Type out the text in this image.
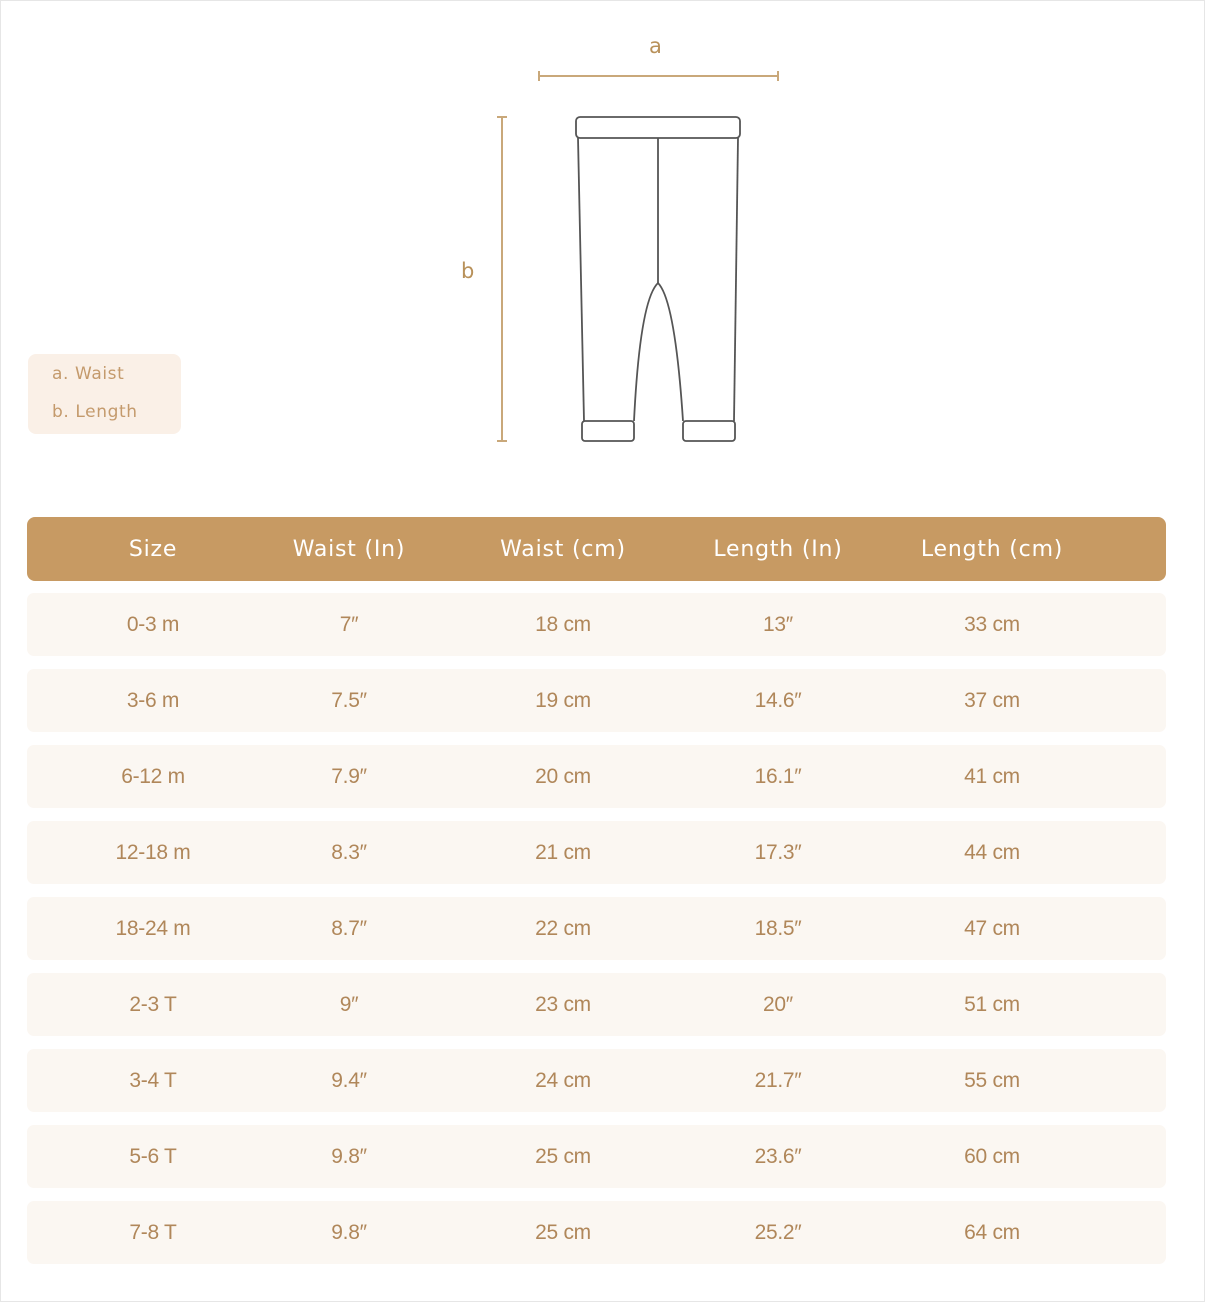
a
b
a. Waist
b. Length
Size	Waist (In)	Waist (cm)	Length (In)	Length (cm)
0-3 m	7″	18 cm	13″	33 cm
3-6 m	7.5″	19 cm	14.6″	37 cm
6-12 m	7.9″	20 cm	16.1″	41 cm
12-18 m	8.3″	21 cm	17.3″	44 cm
18-24 m	8.7″	22 cm	18.5″	47 cm
2-3 T	9″	23 cm	20″	51 cm
3-4 T	9.4″	24 cm	21.7″	55 cm
5-6 T	9.8″	25 cm	23.6″	60 cm
7-8 T	9.8″	25 cm	25.2″	64 cm
